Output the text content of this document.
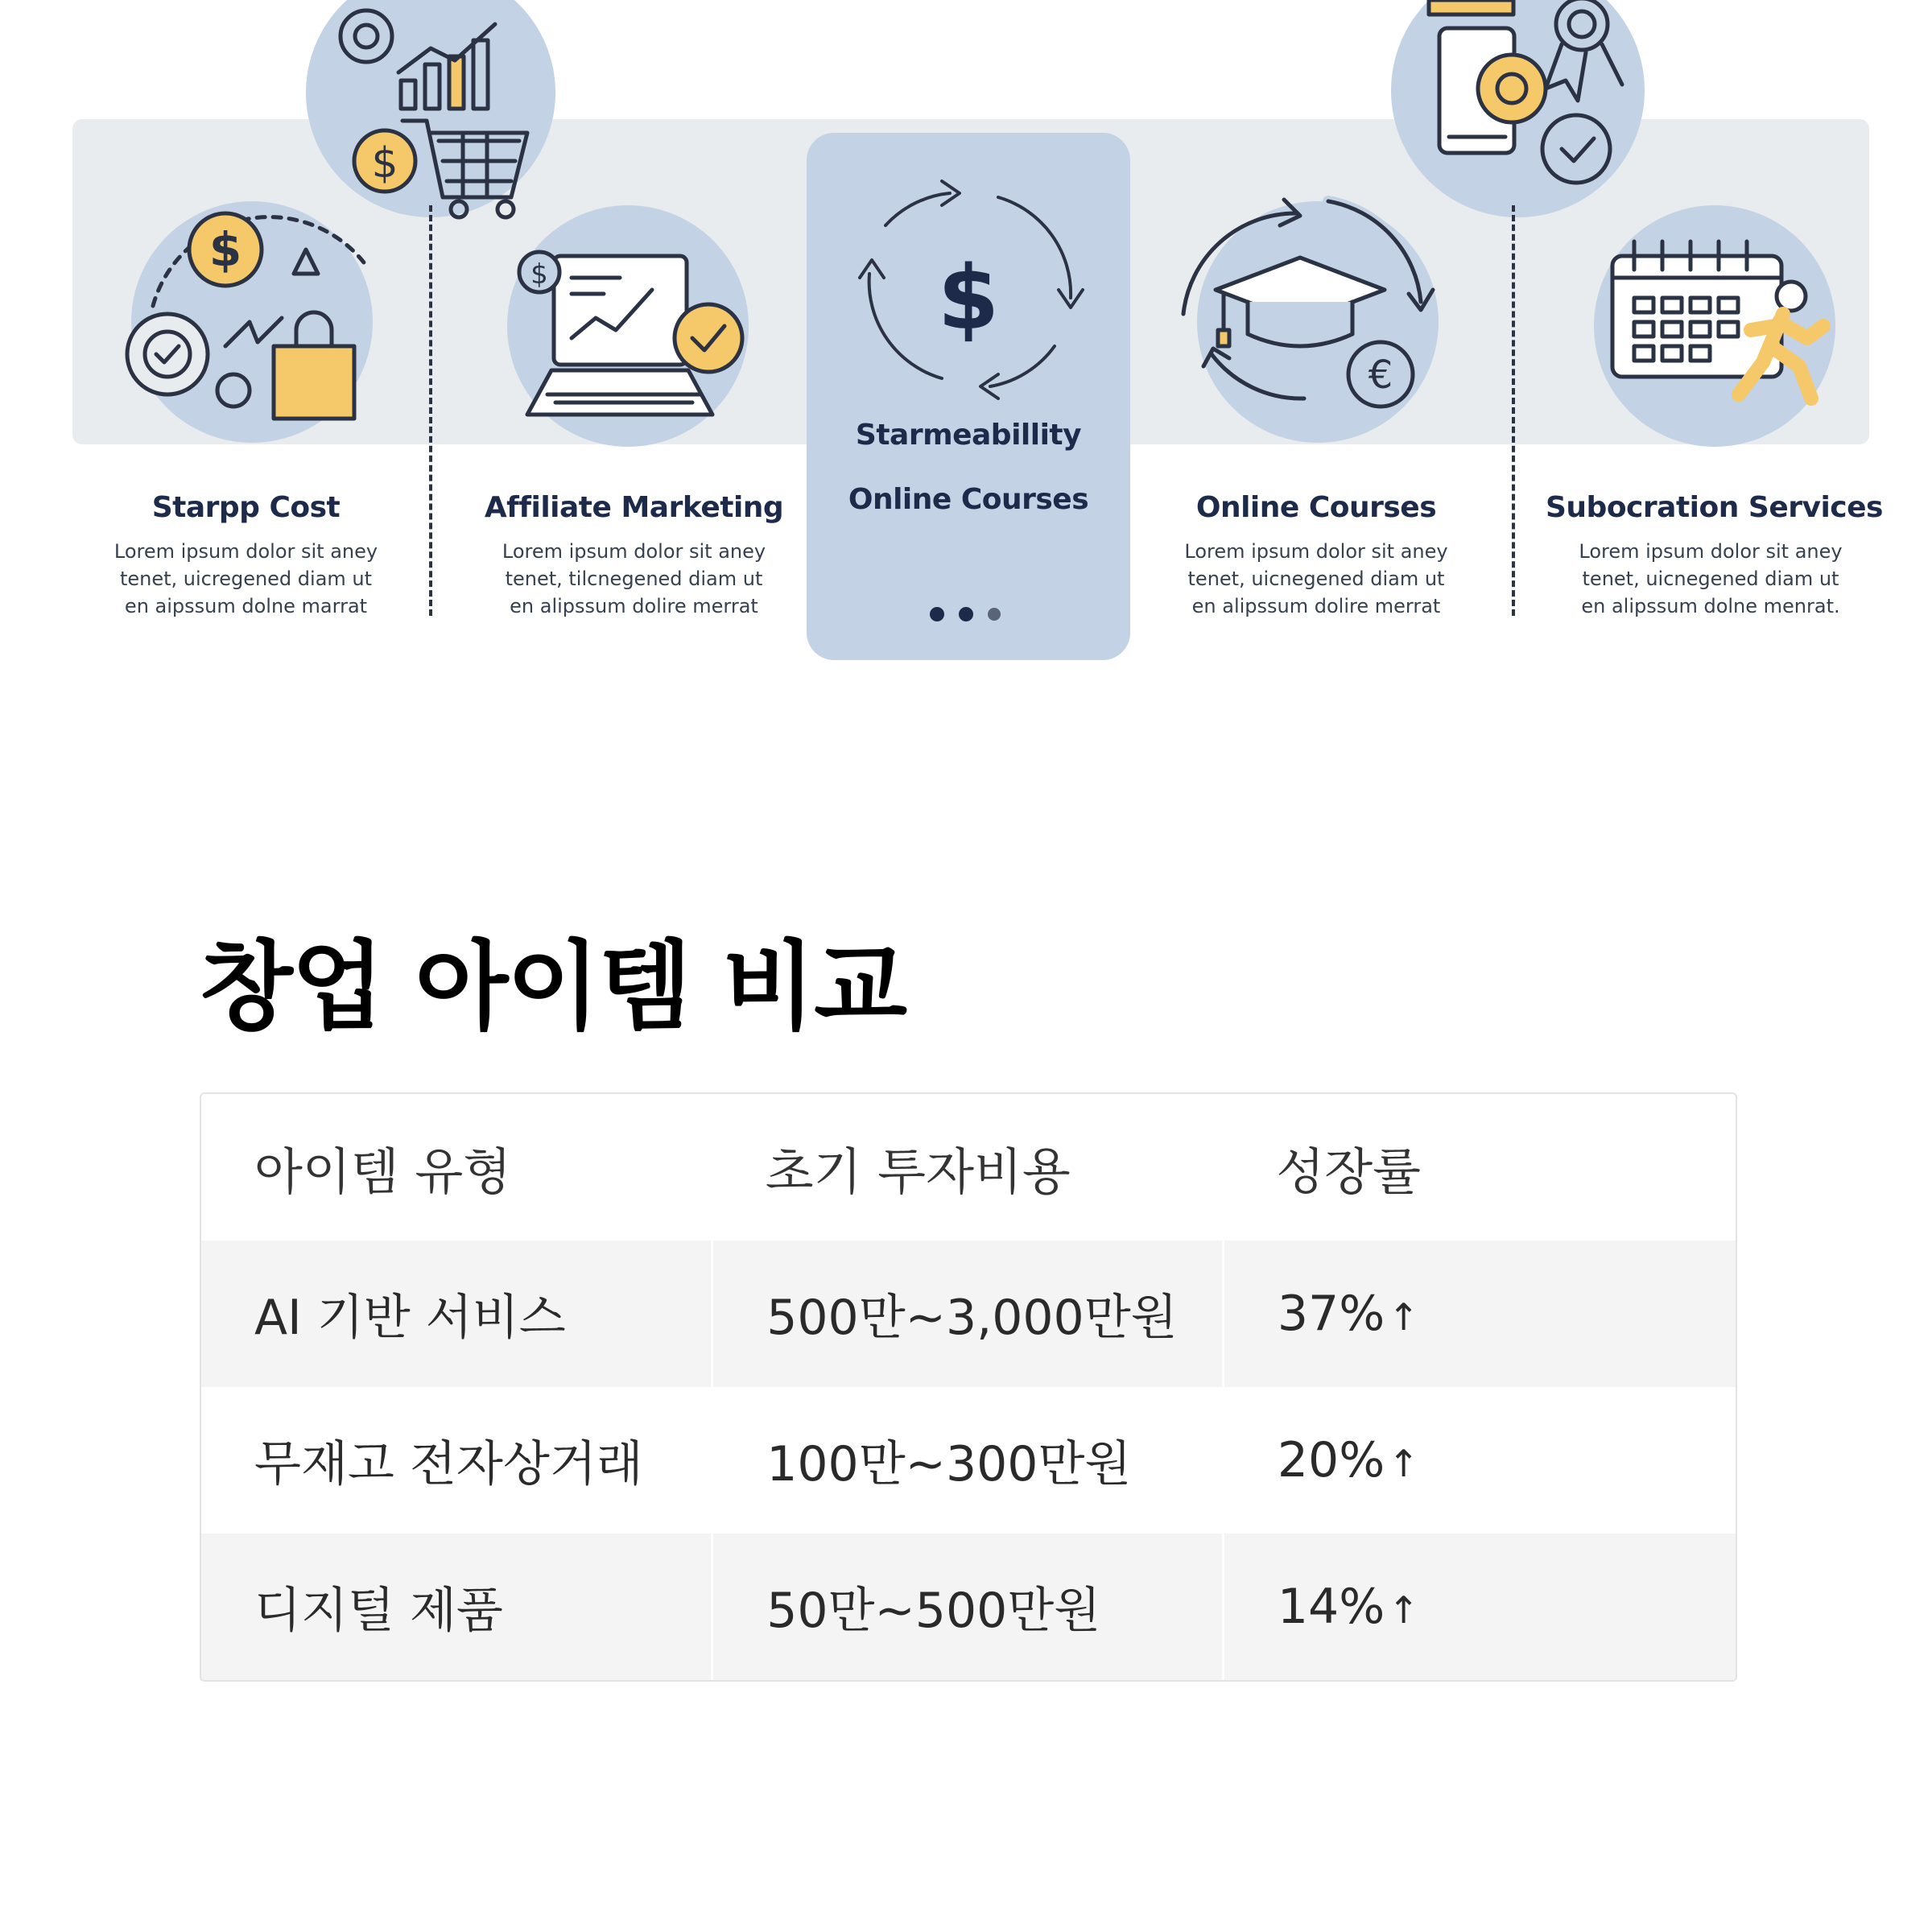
$
$
$	$
€
Starpp Cost
Lorem ipsum dolor sit aney
tenet, uicregened diam ut
en aipssum dolne marrat
Affiliate Marketing
Lorem ipsum dolor sit aney
tenet, tilcnegened diam ut
en alipssum dolire merrat
Starmeabillity
Online Courses	Online Courses
Lorem ipsum dolor sit aney
tenet, uicnegened diam ut
en alipssum dolire merrat
Subocration Services
Lorem ipsum dolor sit aney
tenet, uicnegened diam ut
en alipssum dolne menrat.
창업 아이템 비교
아이템 유형	초기 투자비용	성장률
AI 기반 서비스	500만~3,000만원	37%↑
무재고 전자상거래	100만~300만원	20%↑
디지털 제품	50만~500만원	14%↑
